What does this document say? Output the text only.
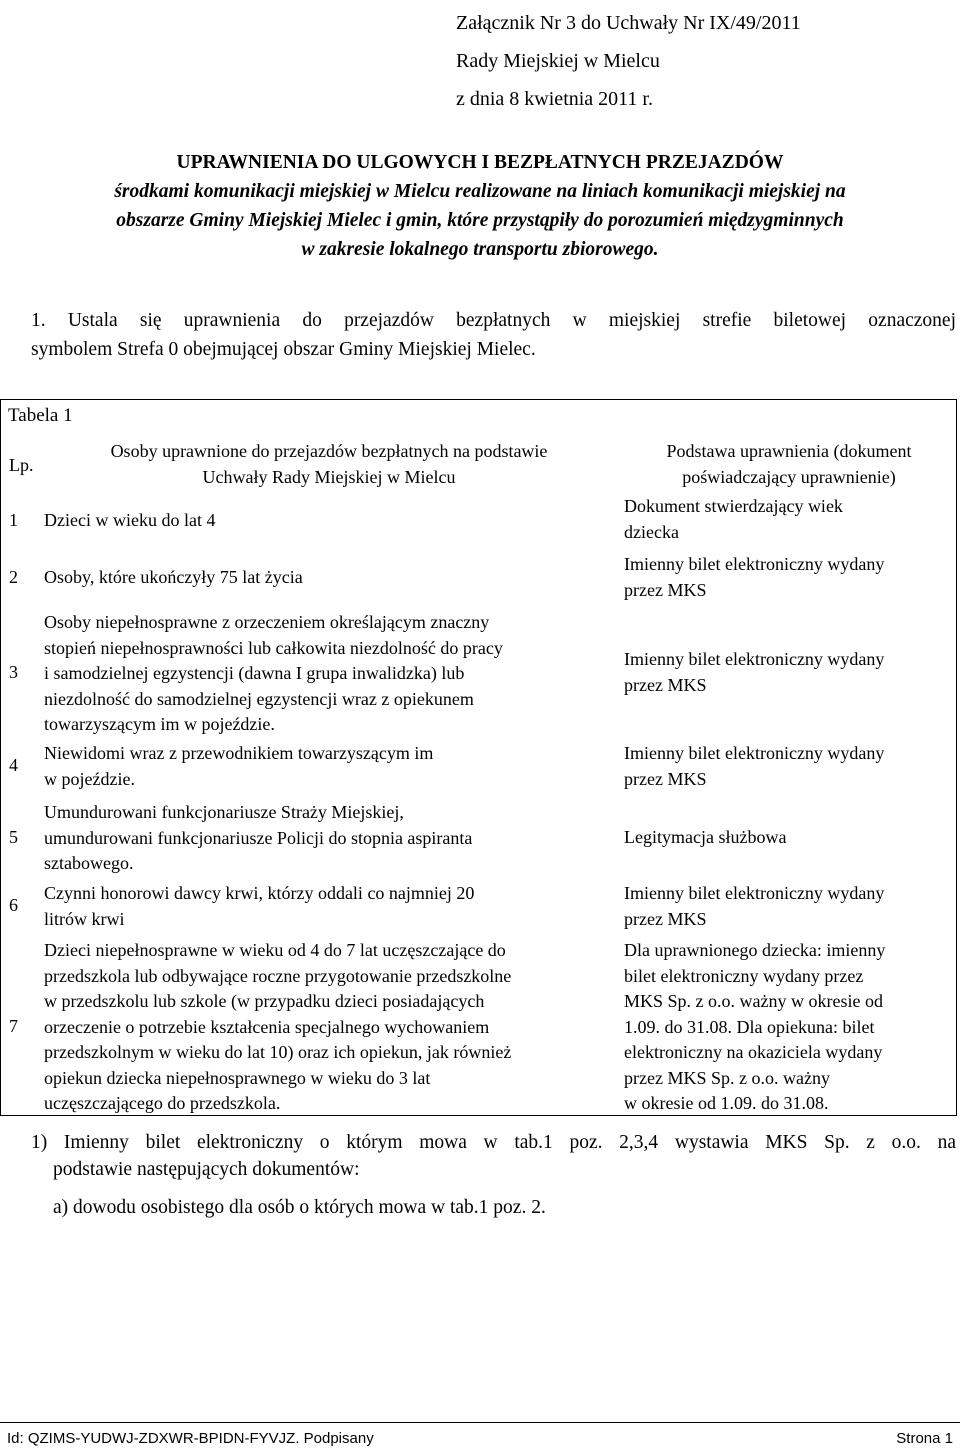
Załącznik Nr 3 do Uchwały Nr IX/49/2011
Rady Miejskiej w Mielcu
z dnia 8 kwietnia 2011 r.
UPRAWNIENIA DO ULGOWYCH I BEZPŁATNYCH PRZEJAZDÓW
środkami komunikacji miejskiej w Mielcu realizowane na liniach komunikacji miejskiej na
obszarze Gminy Miejskiej Mielec i gmin, które przystąpiły do porozumień międzygminnych
w zakresie lokalnego transportu zbiorowego.
1. Ustala się uprawnienia do przejazdów bezpłatnych w miejskiej strefie biletowej oznaczonej
symbolem Strefa 0 obejmującej obszar Gminy Miejskiej Mielec.
Tabela 1
Lp.
Osoby uprawnione do przejazdów bezpłatnych na podstawie
Uchwały Rady Miejskiej w Mielcu
Podstawa uprawnienia (dokument
poświadczający uprawnienie)
1 Dzieci w wieku do lat 4
Dokument stwierdzający wiek
dziecka
2 Osoby, które ukończyły 75 lat życia
Imienny bilet elektroniczny wydany
przez MKS
3
Osoby niepełnosprawne z orzeczeniem określającym znaczny
stopień niepełnosprawności lub całkowita niezdolność do pracy
i samodzielnej egzystencji (dawna I grupa inwalidzka) lub
niezdolność do samodzielnej egzystencji wraz z opiekunem
towarzyszącym im w pojeździe.
Imienny bilet elektroniczny wydany
przez MKS
4
Niewidomi wraz z przewodnikiem towarzyszącym im
w pojeździe.
Imienny bilet elektroniczny wydany
przez MKS
5
Umundurowani funkcjonariusze Straży Miejskiej,
umundurowani funkcjonariusze Policji do stopnia aspiranta
sztabowego.
Legitymacja służbowa
6
Czynni honorowi dawcy krwi, którzy oddali co najmniej 20
litrów krwi
Imienny bilet elektroniczny wydany
przez MKS
7
Dzieci niepełnosprawne w wieku od 4 do 7 lat uczęszczające do
przedszkola lub odbywające roczne przygotowanie przedszkolne
w przedszkolu lub szkole (w przypadku dzieci posiadających
orzeczenie o potrzebie kształcenia specjalnego wychowaniem
przedszkolnym w wieku do lat 10) oraz ich opiekun, jak również
opiekun dziecka niepełnosprawnego w wieku do 3 lat
uczęszczającego do przedszkola.
Dla uprawnionego dziecka: imienny
bilet elektroniczny wydany przez
MKS Sp. z o.o. ważny w okresie od
1.09. do 31.08. Dla opiekuna: bilet
elektroniczny na okaziciela wydany
przez MKS Sp. z o.o. ważny
w okresie od 1.09. do 31.08.
1) Imienny bilet elektroniczny o którym mowa w tab.1 poz. 2,3,4 wystawia MKS Sp. z o.o. na
podstawie następujących dokumentów:
a) dowodu osobistego dla osób o których mowa w tab.1 poz. 2.
Id: QZIMS-YUDWJ-ZDXWR-BPIDN-FYVJZ. Podpisany	Strona 1
